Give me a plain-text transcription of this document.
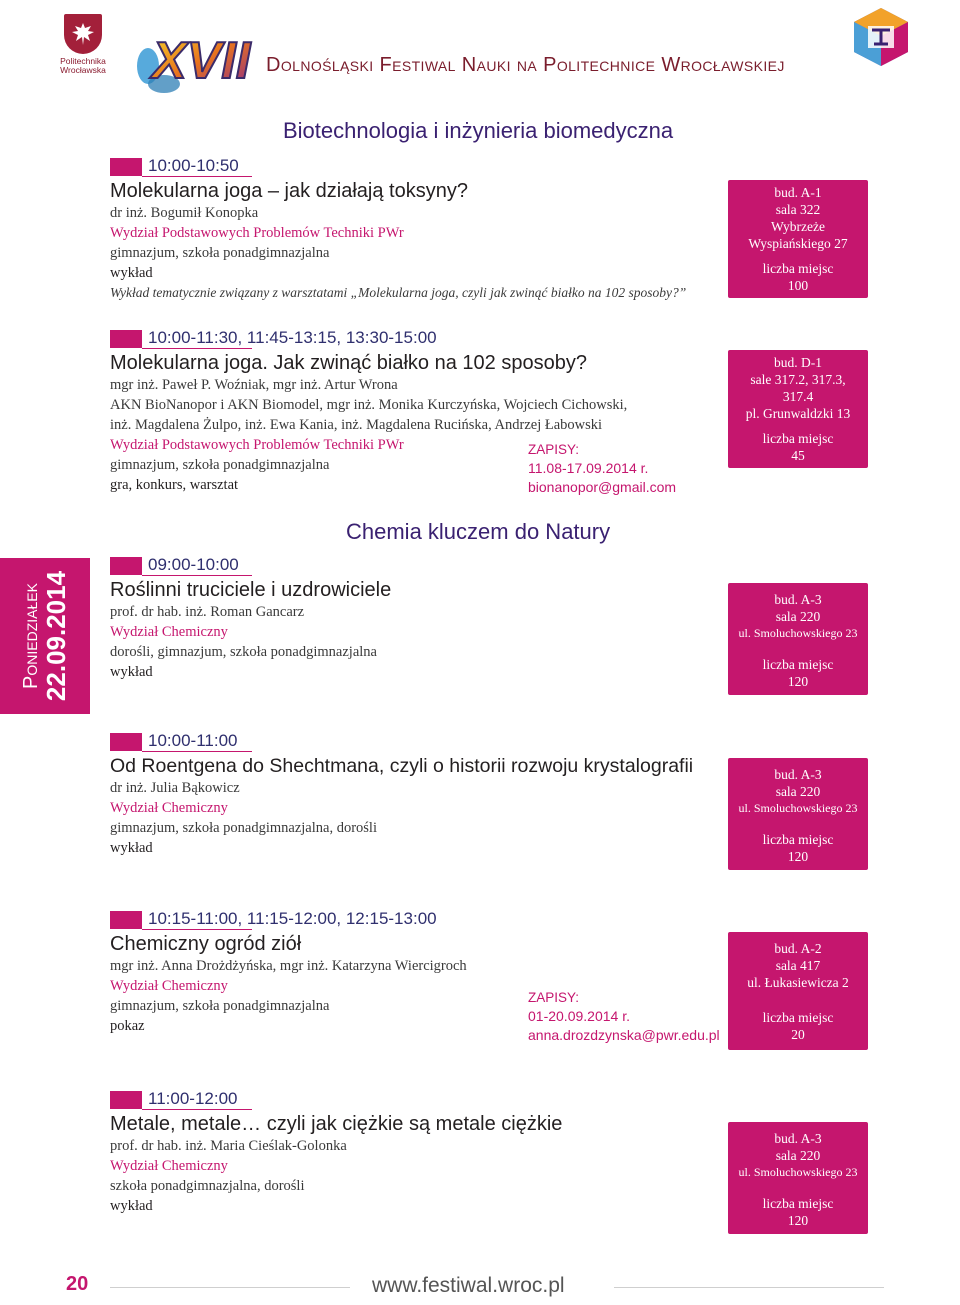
Politechnika
Wrocławska XVII Dolnośląski Festiwal Nauki na Politechnice Wrocławskiej
Biotechnologia i inżynieria biomedyczna
10:00-10:50
Molekularna joga – jak działają toksyny?
dr inż. Bogumił Konopka
Wydział Podstawowych Problemów Techniki PWr
gimnazjum, szkoła ponadgimnazjalna
wykład
Wykład tematycznie związany z warsztatami „Molekularna joga, czyli jak zwinąć białko na 102 sposoby?”
bud. A-1
sala 322
Wybrzeże
Wyspiańskiego 27
liczba miejsc
100
10:00-11:30, 11:45-13:15, 13:30-15:00
Molekularna joga. Jak zwinąć białko na 102 sposoby?
mgr inż. Paweł P. Woźniak, mgr inż. Artur Wrona
AKN BioNanopor i AKN Biomodel, mgr inż. Monika Kurczyńska, Wojciech Cichowski,
inż. Magdalena Żulpo, inż. Ewa Kania, inż. Magdalena Rucińska, Andrzej Łabowski
Wydział Podstawowych Problemów Techniki PWr
gimnazjum, szkoła ponadgimnazjalna
gra, konkurs, warsztat
ZAPISY:
11.08-17.09.2014 r.
bionanopor@gmail.com
bud. D-1
sale 317.2, 317.3,
317.4
pl. Grunwaldzki 13
liczba miejsc
45
Chemia kluczem do Natury
Poniedziałek 22.09.2014
09:00-10:00
Roślinni truciciele i uzdrowiciele
prof. dr hab. inż. Roman Gancarz
Wydział Chemiczny
dorośli, gimnazjum, szkoła ponadgimnazjalna
wykład
bud. A-3
sala 220
ul. Smoluchowskiego 23
liczba miejsc
120
10:00-11:00
Od Roentgena do Shechtmana, czyli o historii rozwoju krystalografii
dr inż. Julia Bąkowicz
Wydział Chemiczny
gimnazjum, szkoła ponadgimnazjalna, dorośli
wykład
bud. A-3
sala 220
ul. Smoluchowskiego 23
liczba miejsc
120
10:15-11:00, 11:15-12:00, 12:15-13:00
Chemiczny ogród ziół
mgr inż. Anna Drożdżyńska, mgr inż. Katarzyna Wiercigroch
Wydział Chemiczny
gimnazjum, szkoła ponadgimnazjalna
pokaz
ZAPISY:
01-20.09.2014 r.
anna.drozdzynska@pwr.edu.pl
bud. A-2
sala 417
ul. Łukasiewicza 2
liczba miejsc
20
11:00-12:00
Metale, metale… czyli jak ciężkie są metale ciężkie
prof. dr hab. inż. Maria Cieślak-Golonka
Wydział Chemiczny
szkoła ponadgimnazjalna, dorośli
wykład
bud. A-3
sala 220
ul. Smoluchowskiego 23
liczba miejsc
120
20	www.festiwal.wroc.pl
